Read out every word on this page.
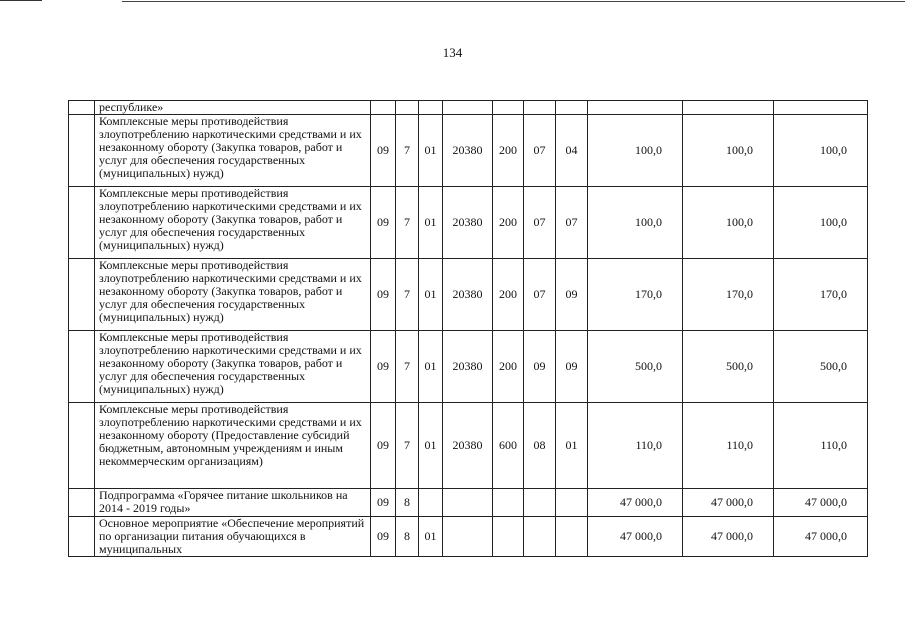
134
	республике»										
	Комплексные меры противодействия злоупотреблению наркотическими средствами и их незаконному обороту (Закупка товаров, работ и услуг для обеспечения государственных (муниципальных) нужд)	09	7	01	20380	200	07	04	100,0	100,0	100,0
	Комплексные меры противодействия злоупотреблению наркотическими средствами и их незаконному обороту (Закупка товаров, работ и услуг для обеспечения государственных (муниципальных) нужд)	09	7	01	20380	200	07	07	100,0	100,0	100,0
	Комплексные меры противодействия злоупотреблению наркотическими средствами и их незаконному обороту (Закупка товаров, работ и услуг для обеспечения государственных (муниципальных) нужд)	09	7	01	20380	200	07	09	170,0	170,0	170,0
	Комплексные меры противодействия злоупотреблению наркотическими средствами и их незаконному обороту (Закупка товаров, работ и услуг для обеспечения государственных (муниципальных) нужд)	09	7	01	20380	200	09	09	500,0	500,0	500,0
	Комплексные меры противодействия злоупотреблению наркотическими средствами и их незаконному обороту (Предоставление субсидий бюджетным, автономным учреждениям и иным некоммерческим организациям)	09	7	01	20380	600	08	01	110,0	110,0	110,0
	Подпрограмма «Горячее питание школьников на 2014 - 2019 годы»	09	8						47 000,0	47 000,0	47 000,0
	Основное мероприятие «Обеспечение мероприятий по организации питания обучающихся в муниципальных	09	8	01					47 000,0	47 000,0	47 000,0
